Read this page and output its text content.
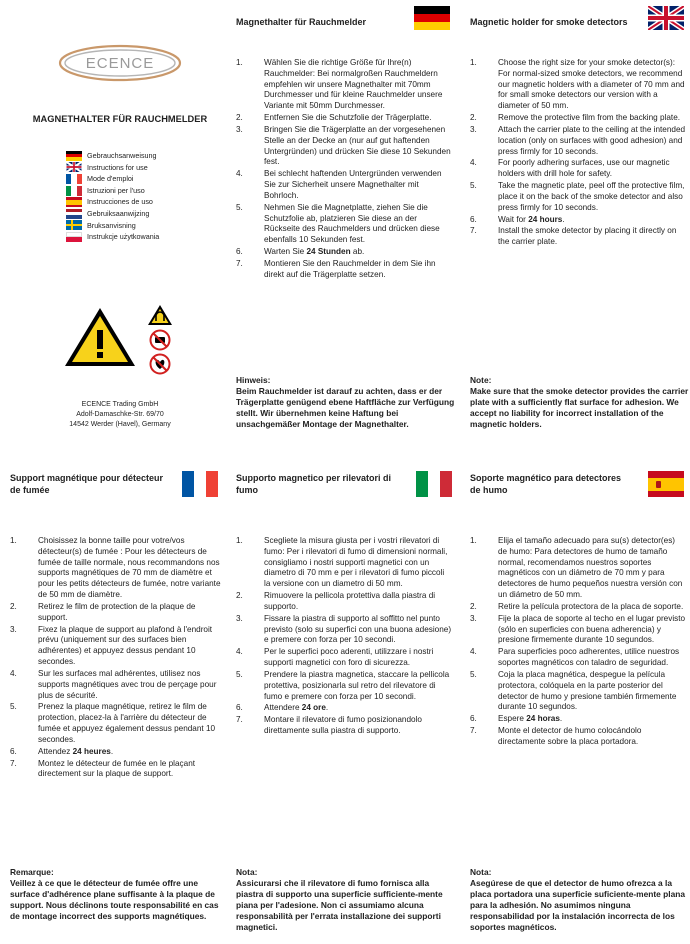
ECENCE
MAGNETHALTER FÜR RAUCHMELDER
Gebrauchsanweisung
Instructions for use
Mode d'emploi
Istruzioni per l'uso
Instrucciones de uso
Gebruiksaanwijzing
Bruksanvisning
Instrukcje użytkowania
ECENCE Trading GmbH
Adolf-Damaschke-Str. 69/70
14542 Werder (Havel), Germany
Magnethalter für Rauchmelder
1.	Wählen Sie die richtige Größe für Ihre(n) Rauchmelder: Bei normalgroßen Rauchmeldern empfehlen wir unsere Magnethalter mit 70mm Durchmesser und für kleine Rauchmelder unsere Variante mit 50mm Durchmesser.
2.	Entfernen Sie die Schutzfolie der Trägerplatte.
3.	Bringen Sie die Trägerplatte an der vorgesehenen Stelle an der Decke an (nur auf gut haftenden Untergründen) und drücken Sie diese 10 Sekunden fest.
4.	Bei schlecht haftenden Untergründen verwenden Sie zur Sicherheit unsere Magnethalter mit Bohrloch.
5.	Nehmen Sie die Magnetplatte, ziehen Sie die Schutzfolie ab, platzieren Sie diese an der Rückseite des Rauchmelders und drücken diese ebenfalls 10 Sekunden fest.
6.	Warten Sie 24 Stunden ab.
7.	Montieren Sie den Rauchmelder in dem Sie ihn direkt auf die Trägerplatte setzen.
Hinweis:
Beim Rauchmelder ist darauf zu achten, dass er der Trägerplatte genügend ebene Haftfläche zur Verfügung stellt. Wir übernehmen keine Haftung bei unsachgemäßer Montage der Magnethalter.
Magnetic holder for smoke detectors
1.	Choose the right size for your smoke detector(s): For normal-sized smoke detectors, we recommend our magnetic holders with a diameter of 70 mm and for small smoke detectors our version with a diameter of 50 mm.
2.	Remove the protective film from the backing plate.
3.	Attach the carrier plate to the ceiling at the intended location (only on surfaces with good adhesion) and press firmly for 10 seconds.
4.	For poorly adhering surfaces, use our magnetic holders with drill hole for safety.
5.	Take the magnetic plate, peel off the protective film, place it on the back of the smoke detector and also press firmly for 10 seconds.
6.	Wait for 24 hours.
7.	Install the smoke detector by placing it directly on the carrier plate.
Note:
Make sure that the smoke detector provides the carrier plate with a sufficiently flat surface for adhesion. We accept no liability for incorrect installation of the magnetic holders.
Support magnétique pour détecteur de fumée
1.	Choisissez la bonne taille pour votre/vos détecteur(s) de fumée : Pour les détecteurs de fumée de taille normale, nous recommandons nos supports magnétiques de 70 mm de diamètre et pour les petits détecteurs de fumée, notre variante de 50 mm de diamètre.
2.	Retirez le film de protection de la plaque de support.
3.	Fixez la plaque de support au plafond à l'endroit prévu (uniquement sur des surfaces bien adhérentes) et appuyez dessus pendant 10 secondes.
4.	Sur les surfaces mal adhérentes, utilisez nos supports magnétiques avec trou de perçage pour plus de sécurité.
5.	Prenez la plaque magnétique, retirez le film de protection, placez-la à l'arrière du détecteur de fumée et appuyez également dessus pendant 10 secondes.
6.	Attendez 24 heures.
7.	Montez le détecteur de fumée en le plaçant directement sur la plaque de support.
Remarque:
Veillez à ce que le détecteur de fumée offre une surface d'adhérence plane suffisante à la plaque de support. Nous déclinons toute responsabilité en cas de montage incorrect des supports magnétiques.
Supporto magnetico per rilevatori di fumo
1.	Scegliete la misura giusta per i vostri rilevatori di fumo: Per i rilevatori di fumo di dimensioni normali, consigliamo i nostri supporti magnetici con un diametro di 70 mm e per i rilevatori di fumo piccoli la versione con un diametro di 50 mm.
2.	Rimuovere la pellicola protettiva dalla piastra di supporto.
3.	Fissare la piastra di supporto al soffitto nel punto previsto (solo su superfici con una buona adesione) e premere con forza per 10 secondi.
4.	Per le superfici poco aderenti, utilizzare i nostri supporti magnetici con foro di sicurezza.
5.	Prendere la piastra magnetica, staccare la pellicola protettiva, posizionarla sul retro del rilevatore di fumo e premere con forza per 10 secondi.
6.	Attendere 24 ore.
7.	Montare il rilevatore di fumo posizionandolo direttamente sulla piastra di supporto.
Nota:
Assicurarsi che il rilevatore di fumo fornisca alla piastra di supporto una superficie sufficiente-mente piana per l'adesione. Non ci assumiamo alcuna responsabilità per l'errata installazione dei supporti magnetici.
Soporte magnético para detectores de humo
1.	Elija el tamaño adecuado para su(s) detector(es) de humo: Para detectores de humo de tamaño normal, recomendamos nuestros soportes magnéticos con un diámetro de 70 mm y para detectores de humo pequeños nuestra versión con un diámetro de 50 mm.
2.	Retire la película protectora de la placa de soporte.
3.	Fije la placa de soporte al techo en el lugar previsto (sólo en superficies con buena adherencia) y presione firmemente durante 10 segundos.
4.	Para superficies poco adherentes, utilice nuestros soportes magnéticos con taladro de seguridad.
5.	Coja la placa magnética, despegue la película protectora, colóquela en la parte posterior del detector de humo y presione también firmemente durante 10 segundos.
6.	Espere 24 horas.
7.	Monte el detector de humo colocándolo directamente sobre la placa portadora.
Nota:
Asegúrese de que el detector de humo ofrezca a la placa portadora una superficie suficiente-mente plana para la adhesión. No asumimos ninguna responsabilidad por la instalación incorrecta de los soportes magnéticos.
